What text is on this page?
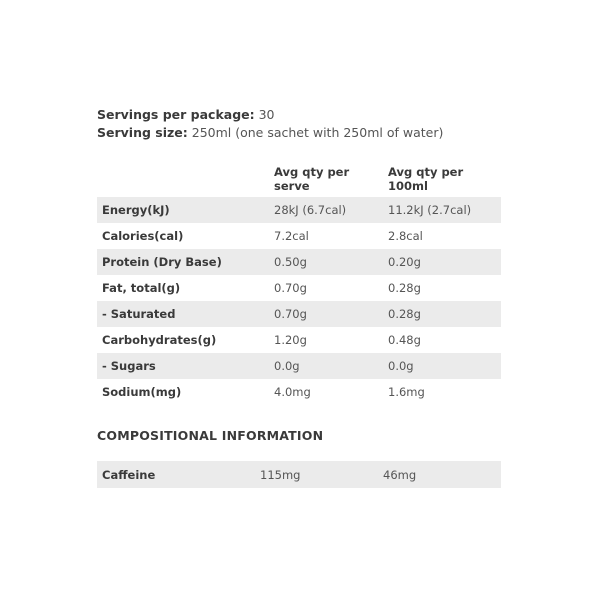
Servings per package: 30
Serving size: 250ml (one sachet with 250ml of water)
	Avg qty per serve	Avg qty per 100ml
Energy(kJ)	28kJ (6.7cal)	11.2kJ (2.7cal)
Calories(cal)	7.2cal	2.8cal
Protein (Dry Base)	0.50g	0.20g
Fat, total(g)	0.70g	0.28g
- Saturated	0.70g	0.28g
Carbohydrates(g)	1.20g	0.48g
- Sugars	0.0g	0.0g
Sodium(mg)	4.0mg	1.6mg
COMPOSITIONAL INFORMATION
Caffeine	115mg	46mg
